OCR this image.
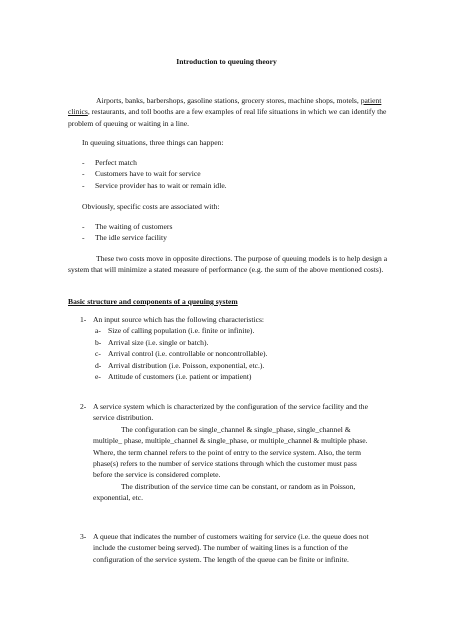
Introduction to queuing theory

Airports, banks, barbershops, gasoline stations, grocery stores, machine shops, motels, patient clinics, restaurants, and toll booths are a few examples of real life situations in which we can identify the problem of queuing or waiting in a line.

In queuing situations, three things can happen:

- Perfect match
- Customers have to wait for service
- Service provider has to wait or remain idle.

Obviously, specific costs are associated with:

- The waiting of customers
- The idle service facility

These two costs move in opposite directions. The purpose of queuing models is to help design a system that will minimize a stated measure of performance (e.g. the sum of the above mentioned costs).

Basic structure and components of a queuing system
1- An input source which has the following characteristics:
a- Size of calling population (i.e. finite or infinite).
b- Arrival size (i.e. single or batch).
c- Arrival control (i.e. controllable or noncontrollable).
d- Arrival distribution (i.e. Poisson, exponential, etc.).
e- Attitude of customers (i.e. patient or impatient)
2- A service system which is characterized by the configuration of the service facility and the service distribution.
The configuration can be single_channel & single_phase, single_channel & multiple_ phase, multiple_channel & single_phase, or multiple_channel & multiple phase. Where, the term channel refers to the point of entry to the service system. Also, the term phase(s) refers to the number of service stations through which the customer must pass before the service is considered complete.
The distribution of the service time can be constant, or random as in Poisson, exponential, etc.
3- A queue that indicates the number of customers waiting for service (i.e. the queue does not include the customer being served). The number of waiting lines is a function of the configuration of the service system. The length of the queue can be finite or infinite.
